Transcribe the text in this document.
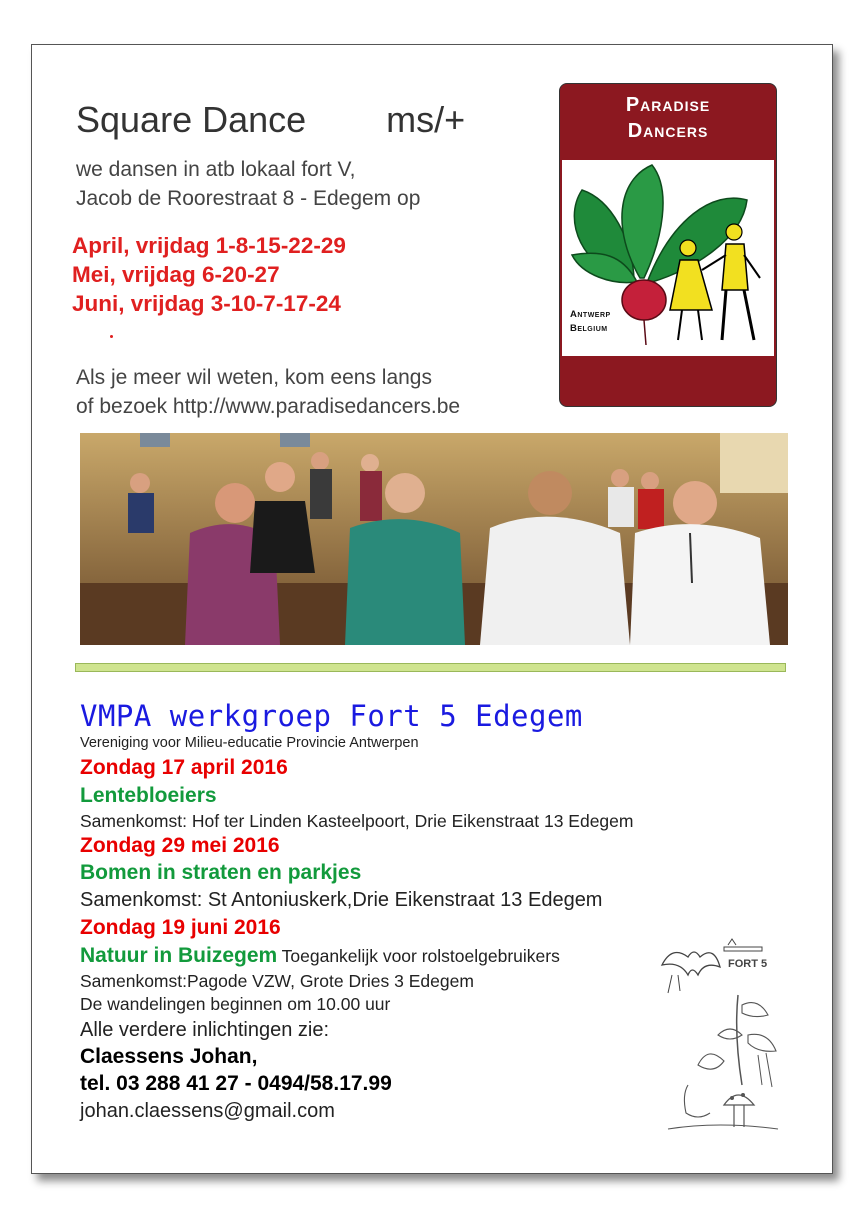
Square Dance ms/+
we dansen in atb lokaal fort V,
Jacob de Roorestraat 8 - Edegem op
April, vrijdag 1-8-15-22-29
Mei, vrijdag 6-20-27
Juni, vrijdag 3-10-7-17-24
Als je meer wil weten, kom eens langs
of bezoek http://www.paradisedancers.be
Paradise
Dancers
Antwerp
Belgium
VMPA werkgroep Fort 5 Edegem
Vereniging voor Milieu-educatie Provincie Antwerpen
Zondag 17 april 2016
Lentebloeiers
Samenkomst: Hof ter Linden Kasteelpoort, Drie Eikenstraat 13 Edegem
Zondag 29 mei 2016
Bomen in straten en parkjes
Samenkomst: St Antoniuskerk,Drie Eikenstraat 13 Edegem
Zondag 19 juni 2016
Natuur in Buizegem Toegankelijk voor rolstoelgebruikers
Samenkomst:Pagode VZW, Grote Dries 3 Edegem
De wandelingen beginnen om 10.00 uur
Alle verdere inlichtingen zie:
Claessens Johan,
tel. 03 288 41 27 - 0494/58.17.99
johan.claessens@gmail.com
FORT 5
